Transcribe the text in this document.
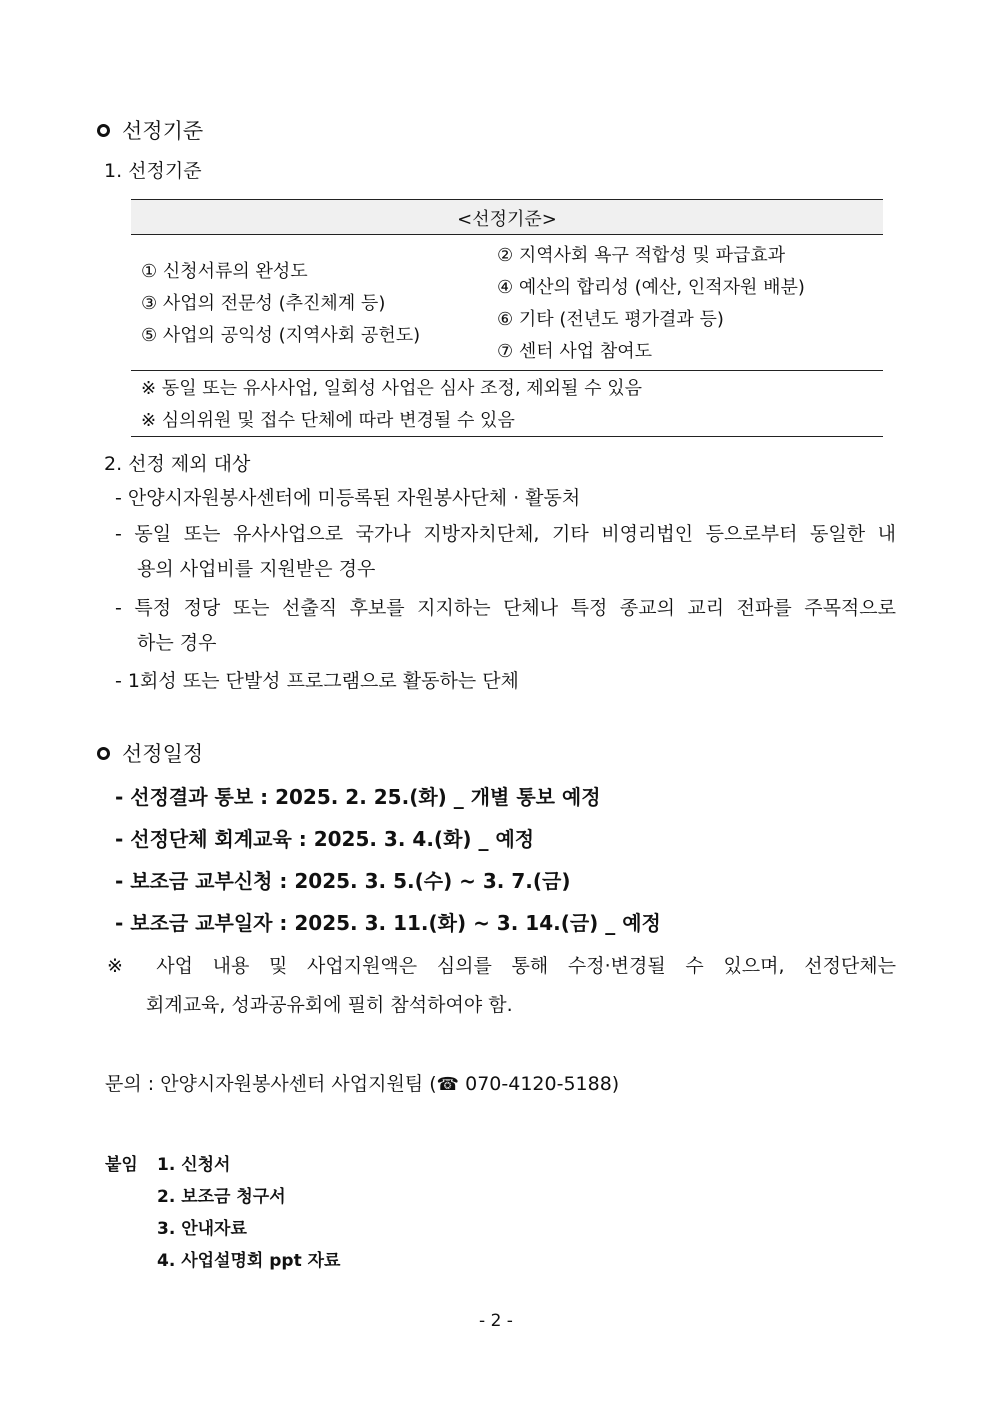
선정기준
1. 선정기준
<선정기준>
① 신청서류의 완성도
③ 사업의 전문성 (추진체계 등)
⑤ 사업의 공익성 (지역사회 공헌도)
② 지역사회 욕구 적합성 및 파급효과
④ 예산의 합리성 (예산, 인적자원 배분)
⑥ 기타 (전년도 평가결과 등)
⑦ 센터 사업 참여도
※ 동일 또는 유사사업, 일회성 사업은 심사 조정, 제외될 수 있음
※ 심의위원 및 접수 단체에 따라 변경될 수 있음
2. 선정 제외 대상
- 안양시자원봉사센터에 미등록된 자원봉사단체 · 활동처
- 동일 또는 유사사업으로 국가나 지방자치단체, 기타 비영리법인 등으로부터 동일한 내
용의 사업비를 지원받은 경우
- 특정 정당 또는 선출직 후보를 지지하는 단체나 특정 종교의 교리 전파를 주목적으로
하는 경우
- 1회성 또는 단발성 프로그램으로 활동하는 단체
선정일정
- 선정결과 통보 : 2025. 2. 25.(화) _ 개별 통보 예정
- 선정단체 회계교육 : 2025. 3. 4.(화) _ 예정
- 보조금 교부신청 : 2025. 3. 5.(수) ~ 3. 7.(금)
- 보조금 교부일자 : 2025. 3. 11.(화) ~ 3. 14.(금) _ 예정
※ 사업 내용 및 사업지원액은 심의를 통해 수정·변경될 수 있으며, 선정단체는
회계교육, 성과공유회에 필히 참석하여야 함.
문의 : 안양시자원봉사센터 사업지원팀 (☎ 070-4120-5188)
붙임 1. 신청서
2. 보조금 청구서
3. 안내자료
4. 사업설명회 ppt 자료
- 2 -
